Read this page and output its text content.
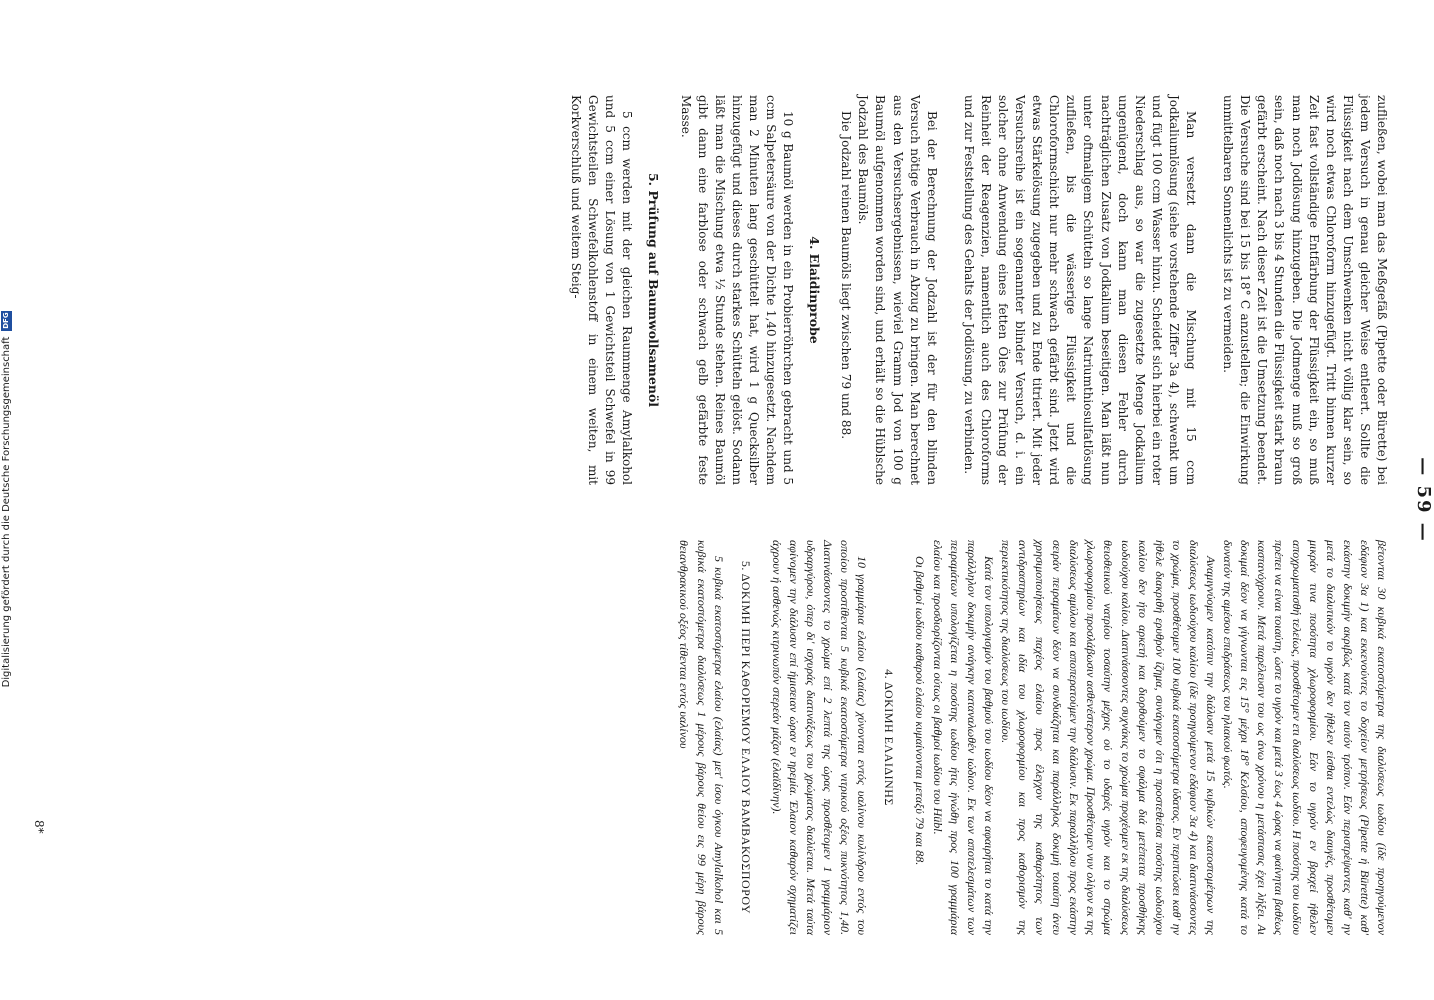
— 59 —

zufließen, wobei man das Meßgefäß (Pipette oder Bürette) bei jedem Versuch in genau gleicher Weise entleert. Sollte die Flüssigkeit nach dem Umschwenken nicht völlig klar sein, so wird noch etwas Chloroform hinzugefügt. Tritt binnen kurzer Zeit fast vollständige Entfärbung der Flüssigkeit ein, so muß man noch Jodlösung hinzugeben. Die Jodmenge muß so groß sein, daß noch nach 3 bis 4 Stunden die Flüssigkeit stark braun gefärbt erscheint. Nach dieser Zeit ist die Umsetzung beendet. Die Versuche sind bei 15 bis 18° C anzustellen; die Einwirkung unmittelbaren Sonnenlichts ist zu vermeiden.

Man versetzt dann die Mischung mit 15 ccm Jodkaliumlösung (siehe vorstehende Ziffer 3a 4), schwenkt um und fügt 100 ccm Wasser hinzu. Scheidet sich hierbei ein roter Niederschlag aus, so war die zugesetzte Menge Jodkalium ungenügend, doch kann man diesen Fehler durch nachträglichen Zusatz von Jodkalium beseitigen. Man läßt nun unter oftmaligem Schütteln so lange Natriumthiosulfatlösung zufließen, bis die wässerige Flüssigkeit und die Chloroformschicht nur mehr schwach gefärbt sind. Jetzt wird etwas Stärkelösung zugegeben und zu Ende titriert. Mit jeder Versuchsreihe ist ein sogenannter blinder Versuch, d. i. ein solcher ohne Anwendung eines fetten Öles zur Prüfung der Reinheit der Reagenzien, namentlich auch des Chloroforms und zur Feststellung des Gehalts der Jodlösung, zu verbinden.

Bei der Berechnung der Jodzahl ist der für den blinden Versuch nötige Verbrauch in Abzug zu bringen. Man berechnet aus den Versuchsergebnissen, wieviel Gramm Jod von 100 g Baumöl aufgenommen worden sind, und erhält so die Hüblsche Jodzahl des Baumöls.

Die Jodzahl reinen Baumöls liegt zwischen 79 und 88.

4. Elaidinprobe

10 g Baumöl werden in ein Probierröhrchen gebracht und 5 ccm Salpetersäure von der Dichte 1,40 hinzugesetzt. Nachdem man 2 Minuten lang geschüttelt hat, wird 1 g Quecksilber hinzugefügt und dieses durch starkes Schütteln gelöst. Sodann läßt man die Mischung etwa ½ Stunde stehen. Reines Baumöl gibt dann eine farblose oder schwach gelb gefärbte feste Masse.

5. Prüfung auf Baumwollsamenöl

5 ccm werden mit der gleichen Raummenge Amylalkohol und 5 ccm einer Lösung von 1 Gewichtsteil Schwefel in 99 Gewichtsteilen Schwefelkohlenstoff in einem weiten, mit Korkverschluß und weitem Steig-

βέτονται 30 κυβικά εκατοστόμετρα της διαλύσεως ιωδίου (ίδε προηγούμενον εδάφιον 3α 1) και εκκενούντες το δοχείον μετρήσεως (Pipette ή Bürette) καθ' εκάστην δοκιμήν ακριβώς κατά τον αυτόν τρόπον. Εάν περιστρέψαντες καθ' ην μετά το διαλυτικόν το υγρόν δεν ήθελεν είσθαι εντελώς διαυγές, προσθέτομεν μικράν τινα ποσότητα χλωροφορμίου. Εάν το υγρόν εν βραχεί ήθελεν αποχρωματισθή τελείως, προσθέτομεν ετι διαλύσεως ιωδίου. Η ποσότης του ιωδίου πρέπει να είναι τοιαύτη, ώστε το υγρόν και μετά 3 έως 4 ώρας να φαίνηται βαθέως καστανόχρουν. Μετά παρέλευσιν του ως άνω χρόνου η μετάστασις έχει λήξει. Αι δοκιμαί δέον να γίγνωνται εις 15° μέχρι 18° Κελσίου, αποφευγομένης κατά το δυνατόν της αμέσου επιδράσεως του ηλιακού φωτός.

Αναμιγνύομεν κατόπιν την διάλυσιν μετά 15 κυβικών εκατοστομέτρων της διαλύσεως ιωδιούχου καλίου (ίδε προηγούμενον εδάφιον 3α 4) και διατινάσσοντες το χρώμα, προσθέτομεν 100 κυβικά εκατοστόμετρα ύδατος. Εν περιπτώσει καθ' ην ήθελε διακριθή ερυθρόν ίζημα, συνάγομεν ότι η προστεθείσα ποσότης ιωδιούχου καλίου δεν ήτο αρκετή και διορθούμεν το σφάλμα διά μετέπειτα προσθήκης ιωδιούχου καλίου. Διατινάσσοντες συχνάκις το χρώμα προχέομεν εκ της διαλύσεως θειοθειικού νατρίου τοσαύτην μέχρις ού το υδαρές υγρόν και το στρώμα χλωροφορμίου προσλάβωσιν ασθενέστερον χρώμα. Προσθέτομεν νυν ολίγον εκ της διαλύσεως αμύλου και αποπερατούμεν την διάλυσιν. Εκ παραλλήλου προς εκάστην σειράν πειραμάτων δέον να συνδυάζηται και παράλληλος δοκιμή τοιαύτη άνευ χρησιμοποιήσεως παχέος ελαίου προς έλεγχον της καθαρότητος των αντιδραστηρίων και ιδία του χλωροφορμίου και προς καθορισμόν της περιεκτικότητος της διαλύσεως του ιωδίου.

Κατά τον υπολογισμόν του βαθμού του ιωδίου δέον να αφαιρήται το κατά την παράλληλον δοκιμήν ανάγκην καταναλωθέν ιώδιον. Εκ των αποτελεσμάτων των πειραμάτων υπολογίζεται η ποσότης ιωδίου ήτις ήνώθη προς 100 γραμμάρια ελαίου και προσδιορίζονται ούτως οι βαθμοί ιωδίου του Hübl.

Οι βαθμοί ιωδίου καθαρού ελαίου κυμαίνονται μεταξύ 79 και 88.

4. ΔΟΚΙΜΗ ΕΛΑΙΔΙΝΗΣ

10 γραμμάρια ελαίου (ελαίας) χύνονται εντός υαλίνου κυλίνδρου εντός του οποίου προστίθενται 5 κυβικά εκατοστόμετρα νιτρικού οξέος πυκνότητος 1,40. Διατινάσσοντες το χρώμα επί 2 λεπτά της ώρας προσθέτομεν 1 γραμμάριον υδραργύρου, όπερ δι' ισχυράς διατινάξεως του χρώματος διαλύεται. Μετά ταύτα αφίνομεν την διάλυσιν επί ήμισειαν ώραν εν ηρεμία. Έλαιον καθαρόν σχηματίζει άχρουν ή ασθενώς κιτρινωπόν στερεάν μάζαν (ελαϊδίνην).

5. ΔΟΚΙΜΗ ΠΕΡΙ ΚΑΘΟΡΙΣΜΟΥ ΕΛΑΙΟΥ ΒΑΜΒΑΚΟΣΠΟΡΟΥ

5 κυβικά εκατοστόμετρα ελαίου (ελαίας) μετ' ίσου όγκου Amylalkohol και 5 κυβικά εκατοστόμετρα διαλύσεως 1 μέρους βάρους θείου εις 99 μέρη βάρους θειανθρακικού οξέος τίθενται εντός υαλίνου

8*
Digitalisierung gefördert durch die Deutsche Forschungsgemeinschaft
DFG
